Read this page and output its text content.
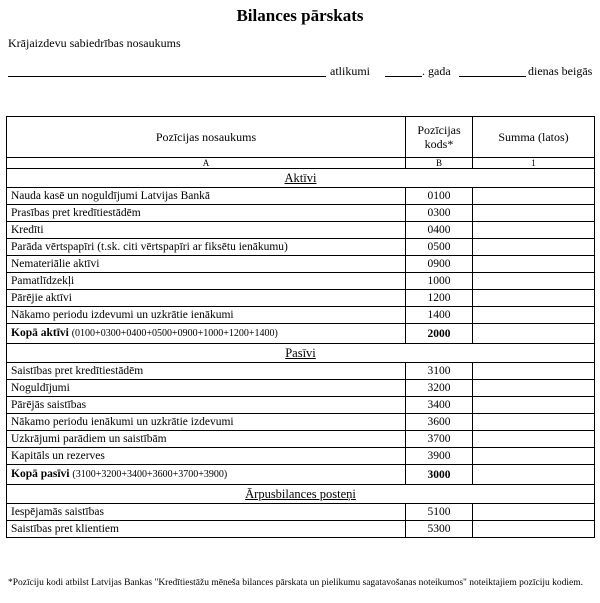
Bilances pārskats
Krājaizdevu sabiedrības nosaukums
atlikumi	. gada	dienas beigās
Pozīcijas nosaukums	Pozīcijas kods*	Summa (latos)
A	B	1
Aktīvi		
Nauda kasē un noguldījumi Latvijas Bankā	0100	
Prasības pret kredītiestādēm	0300	
Kredīti	0400	
Parāda vērtspapīri (t.sk. citi vērtspapīri ar fiksētu ienākumu)	0500	
Nemateriālie aktīvi	0900	
Pamatlīdzekļi	1000	
Pārējie aktīvi	1200	
Nākamo periodu izdevumi un uzkrātie ienākumi	1400	
Kopā aktīvi (0100+0300+0400+0500+0900+1000+1200+1400)	2000	
Pasīvi		
Saistības pret kredītiestādēm	3100	
Noguldījumi	3200	
Pārējās saistības	3400	
Nākamo periodu ienākumi un uzkrātie izdevumi	3600	
Uzkrājumi parādiem un saistībām	3700	
Kapitāls un rezerves	3900	
Kopā pasīvi (3100+3200+3400+3600+3700+3900)	3000	
Ārpusbilances posteņi		
Iespējamās saistības	5100	
Saistības pret klientiem	5300	
*Pozīciju kodi atbilst Latvijas Bankas "Kredītiestāžu mēneša bilances pārskata un pielikumu sagatavošanas noteikumos" noteiktajiem pozīciju kodiem.
